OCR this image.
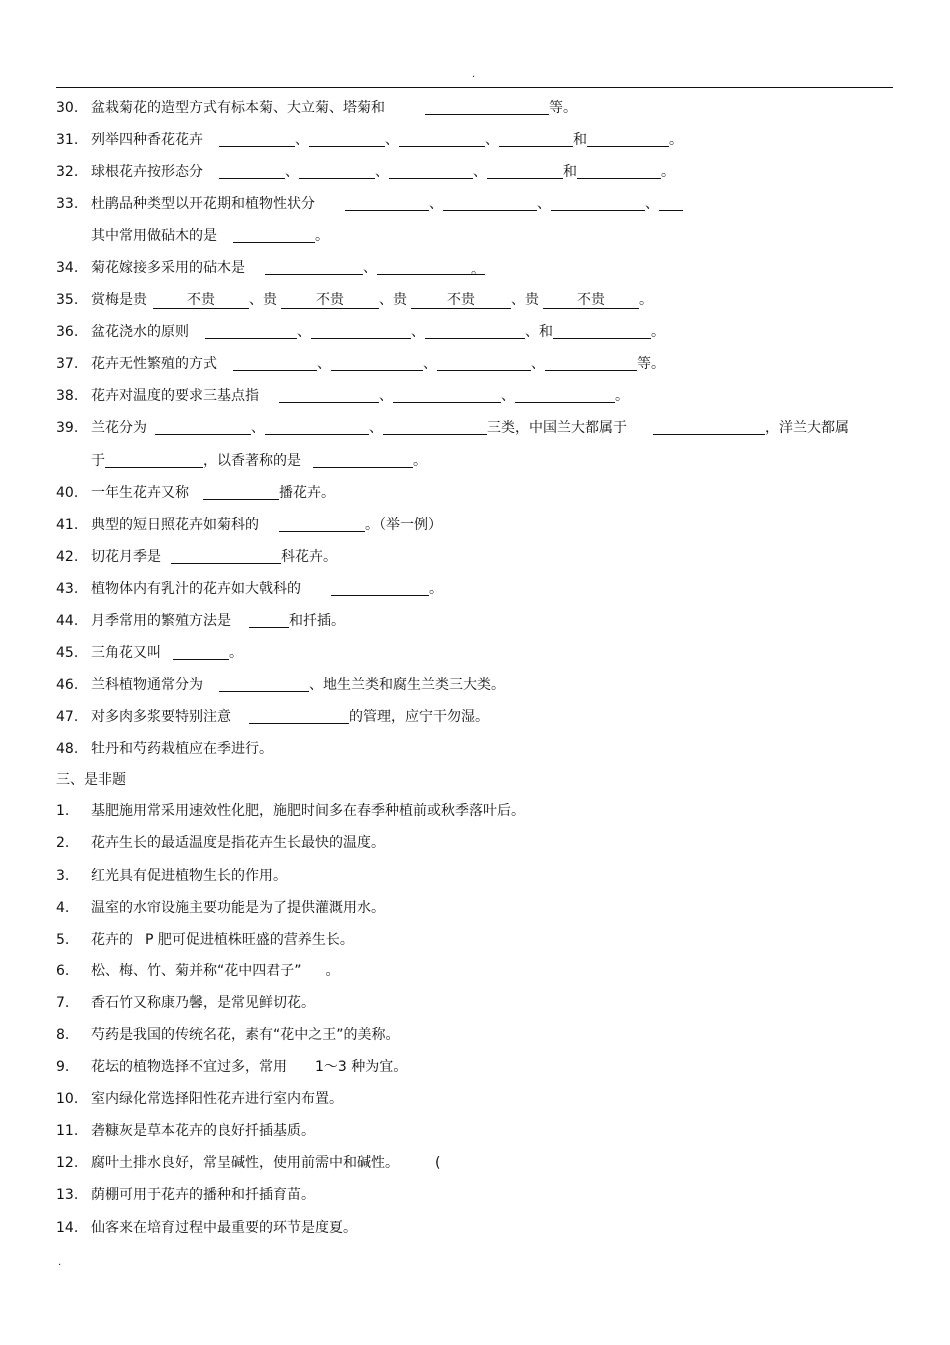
.
30. 盆栽菊花的造型方式有标本菊、大立菊、塔菊和	等。
31. 列举四种香花花卉	、	、	、	和	。
32. 球根花卉按形态分	、	、	、	和	。
33. 杜鹃品种类型以开花期和植物性状分	、	、	、
其中常用做砧木的是	。
34. 菊花嫁接多采用的砧木是	、	。
35. 赏梅是贵	不贵 、贵	不贵	、贵	不贵	、贵	不贵 。
36. 盆花浇水的原则	、	、	、和	。
37. 花卉无性繁殖的方式	、	、	、	等。
38. 花卉对温度的要求三基点指	、	、	。
39. 兰花分为	、	、	三类，中国兰大都属于	，洋兰大都属
于	，以香著称的是	。
40. 一年生花卉又称	播花卉。
41. 典型的短日照花卉如菊科的	。（举一例）
42. 切花月季是	科花卉。
43. 植物体内有乳汁的花卉如大戟科的	。
44. 月季常用的繁殖方法是	和扦插。
45. 三角花又叫	。
46. 兰科植物通常分为	、地生兰类和腐生兰类三大类。
47. 对多肉多浆要特别注意	的管理，应宁干勿湿。
48. 牡丹和芍药栽植应在季进行。
三、是非题
1. 基肥施用常采用速效性化肥，施肥时间多在春季种植前或秋季落叶后。
2. 花卉生长的最适温度是指花卉生长最快的温度。
3. 红光具有促进植物生长的作用。
4. 温室的水帘设施主要功能是为了提供灌溉用水。
5. 花卉的 P 肥可促进植株旺盛的营养生长。
6. 松、梅、竹、菊并称“花中四君子” 。
7. 香石竹又称康乃馨，是常见鲜切花。
8. 芍药是我国的传统名花，素有“花中之王”的美称。
9. 花坛的植物选择不宜过多，常用 1～3 种为宜。
10. 室内绿化常选择阳性花卉进行室内布置。
11. 砻糠灰是草本花卉的良好扦插基质。
12. 腐叶土排水良好，常呈碱性，使用前需中和碱性。	(
13. 荫棚可用于花卉的播种和扦插育苗。
14. 仙客来在培育过程中最重要的环节是度夏。
.
